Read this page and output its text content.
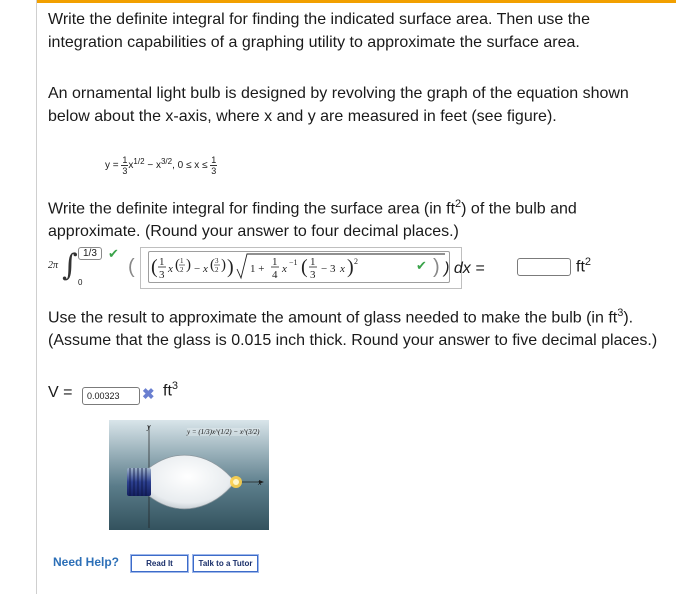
Write the definite integral for finding the indicated surface area. Then use the integration capabilities of a graphing utility to approximate the surface area.

An ornamental light bulb is designed by revolving the graph of the equation shown below about the x-axis, where x and y are measured in feet (see figure).

$y = \frac{1}{3} x^{1/2} - x^{3/2}$, $0 \le x \le \frac{1}{3}$

Write the definite integral for finding the surface area (in $ft^2$) of the bulb and approximate. (Round your answer to four decimal places.)

2π ∫ 0
1/3 ✔
( ( 1
3 x ( 1
2 ) − x ( 3
2 ) ) 1 +
1
4 x
−1 ( 1
3 − 3 x ) 2	✔ ) ) dx =	$ft^2$

Use the result to approximate the amount of glass needed to make the bulb (in $ft^3$). (Assume that the glass is 0.015 inch thick. Round your answer to five decimal places.)

V =	0.00323	✖ $ft^3$
y
x
y = (1/3)x^(1/2) − x^(3/2)
Need Help?	Read It	Talk to a Tutor
